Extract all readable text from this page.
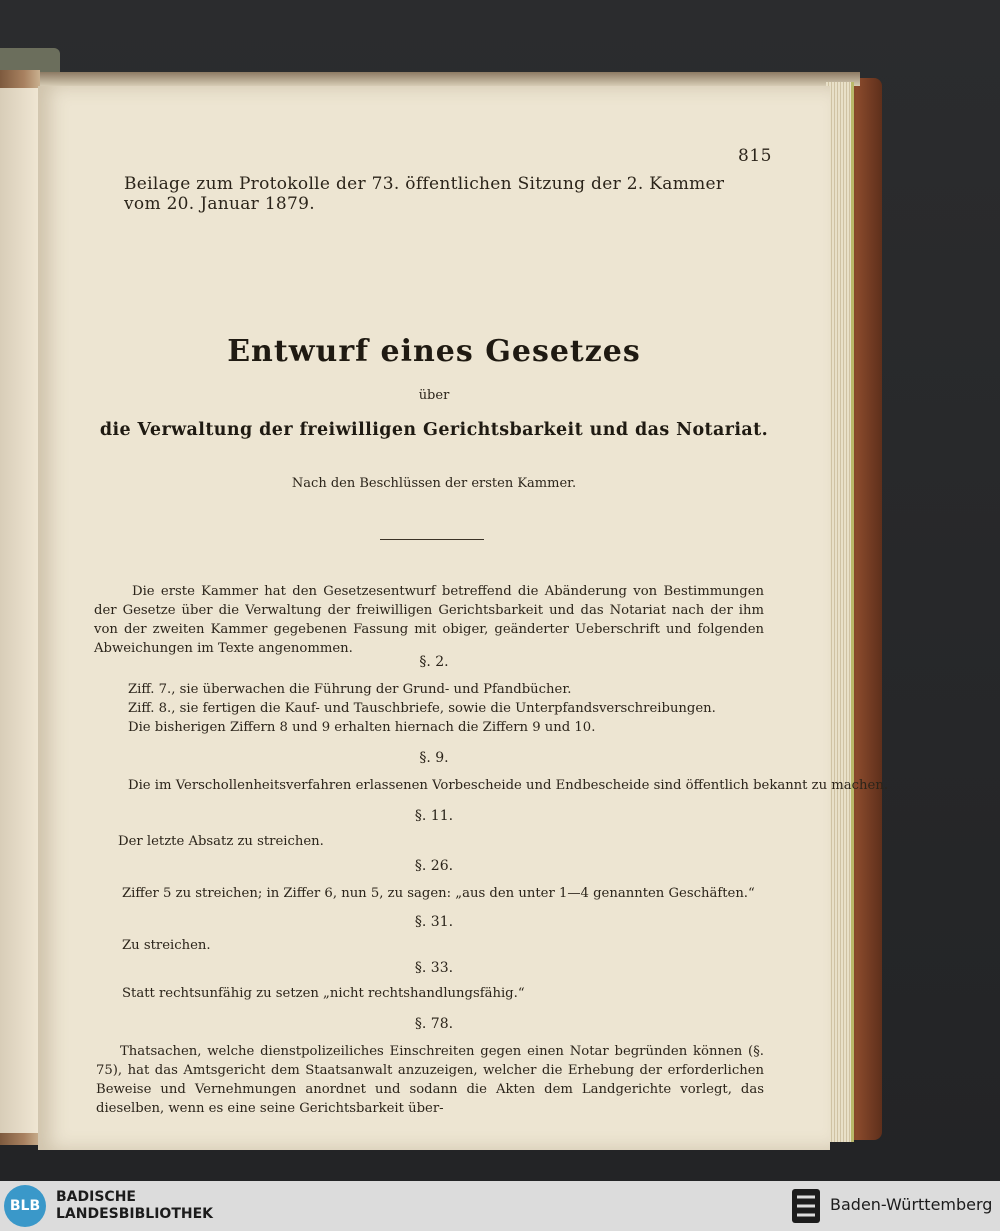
815
Beilage zum Protokolle der 73. öffentlichen Sitzung der 2. Kammer vom 20. Januar 1879.
Entwurf eines Gesetzes
über
die Verwaltung der freiwilligen Gerichtsbarkeit und das Notariat.
Nach den Beschlüssen der ersten Kammer.
Die erste Kammer hat den Gesetzesentwurf betreffend die Abänderung von Bestimmungen der Gesetze über die Verwaltung der freiwilligen Gerichtsbarkeit und das Notariat nach der ihm von der zweiten Kammer gegebenen Fassung mit obiger, geänderter Ueberschrift und folgenden Abweichungen im Texte angenommen.
§. 2.
Ziff. 7., sie überwachen die Führung der Grund- und Pfandbücher.
Ziff. 8., sie fertigen die Kauf- und Tauschbriefe, sowie die Unterpfandsverschreibungen.
Die bisherigen Ziffern 8 und 9 erhalten hiernach die Ziffern 9 und 10.
§. 9.
Die im Verschollenheitsverfahren erlassenen Vorbescheide und Endbescheide sind öffentlich bekannt zu machen.
§. 11.
Der letzte Absatz zu streichen.
§. 26.
Ziffer 5 zu streichen; in Ziffer 6, nun 5, zu sagen: „aus den unter 1—4 genannten Geschäften.“
§. 31.
Zu streichen.
§. 33.
Statt rechtsunfähig zu setzen „nicht rechtshandlungsfähig.“
§. 78.
Thatsachen, welche dienstpolizeiliches Einschreiten gegen einen Notar begründen können (§. 75), hat das Amtsgericht dem Staatsanwalt anzuzeigen, welcher die Erhebung der erforderlichen Beweise und Vernehmungen anordnet und sodann die Akten dem Landgerichte vorlegt, das dieselben, wenn es eine seine Gerichtsbarkeit über-
BLB
BADISCHE
LANDESBIBLIOTHEK	Baden-Württemberg
